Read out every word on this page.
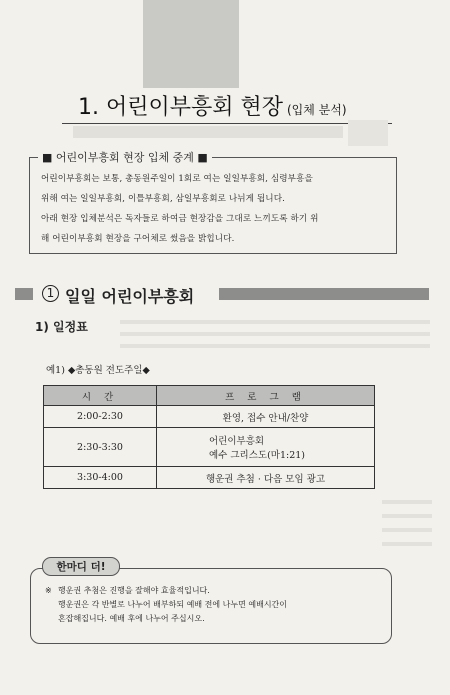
1. 어린이부흥회 현장 (입체 분석)
■ 어린이부흥회 현장 입체 중계 ■

어린이부흥회는 보통, 총동원주일이 1회로 여는 일일부흥회, 심령부흥을
위해 여는 일일부흥회, 이틀부흥회, 삼일부흥회로 나뉘게 됩니다.
아래 현장 입체분석은 독자들로 하여금 현장감을 그대로 느끼도록 하기 위
해 어린이부흥회 현장을 구어체로 썼음을 밝힙니다.

1 일일 어린이부흥회
1) 일정표
예1) ◆총동원 전도주일◆
시 간	프 로 그 램
2:00-2:30	환영, 접수 안내/찬양
2:30-3:30	어린이부흥회
예수 그리스도(마1:21)

3:30-4:00	행운권 추첨 · 다음 모임 광고
한마디 더!

※ 행운권 추첨은 진행을 잘해야 효율적입니다.
행운권은 각 반별로 나누어 배부하되 예배 전에 나누면 예배시간이
혼잡해집니다. 예배 후에 나누어 주십시오.
